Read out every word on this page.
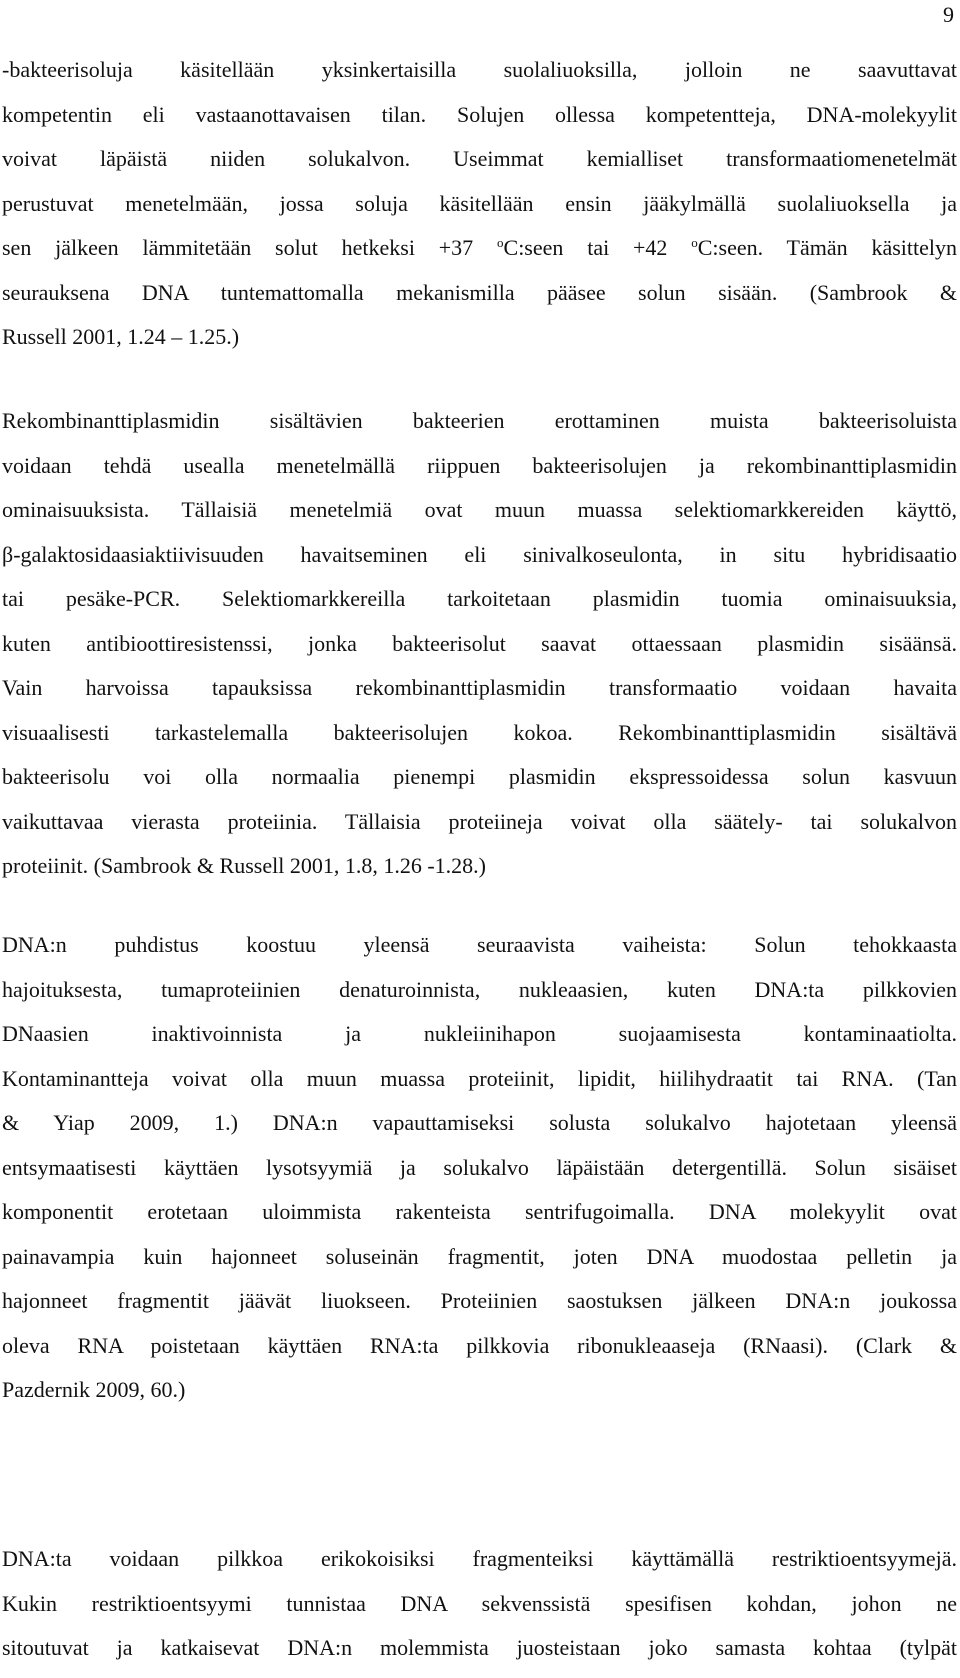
9
-bakteerisoluja käsitellään yksinkertaisilla suolaliuoksilla, jolloin ne saavuttavat
kompetentin eli vastaanottavaisen tilan. Solujen ollessa kompetentteja, DNA-molekyylit
voivat läpäistä niiden solukalvon. Useimmat kemialliset transformaatiomenetelmät
perustuvat menetelmään, jossa soluja käsitellään ensin jääkylmällä suolaliuoksella ja
sen jälkeen lämmitetään solut hetkeksi +37 $^o$C:seen tai +42 $^o$C:seen. Tämän käsittelyn
seurauksena DNA tuntemattomalla mekanismilla pääsee solun sisään. (Sambrook &
Russell 2001, 1.24 – 1.25.)
Rekombinanttiplasmidin sisältävien bakteerien erottaminen muista bakteerisoluista
voidaan tehdä usealla menetelmällä riippuen bakteerisolujen ja rekombinanttiplasmidin
ominaisuuksista. Tällaisiä menetelmiä ovat muun muassa selektiomarkkereiden käyttö,
β-galaktosidaasiaktiivisuuden havaitseminen eli sinivalkoseulonta, in situ hybridisaatio
tai pesäke-PCR. Selektiomarkkereilla tarkoitetaan plasmidin tuomia ominaisuuksia,
kuten antibioottiresistenssi, jonka bakteerisolut saavat ottaessaan plasmidin sisäänsä.
Vain harvoissa tapauksissa rekombinanttiplasmidin transformaatio voidaan havaita
visuaalisesti tarkastelemalla bakteerisolujen kokoa. Rekombinanttiplasmidin sisältävä
bakteerisolu voi olla normaalia pienempi plasmidin ekspressoidessa solun kasvuun
vaikuttavaa vierasta proteiinia. Tällaisia proteiineja voivat olla säätely- tai solukalvon
proteiinit. (Sambrook & Russell 2001, 1.8, 1.26 -1.28.)
DNA:n puhdistus koostuu yleensä seuraavista vaiheista: Solun tehokkaasta
hajoituksesta, tumaproteiinien denaturoinnista, nukleaasien, kuten DNA:ta pilkkovien
DNaasien inaktivoinnista ja nukleiinihapon suojaamisesta kontaminaatiolta.
Kontaminantteja voivat olla muun muassa proteiinit, lipidit, hiilihydraatit tai RNA. (Tan
& Yiap 2009, 1.) DNA:n vapauttamiseksi solusta solukalvo hajotetaan yleensä
entsymaatisesti käyttäen lysotsyymiä ja solukalvo läpäistään detergentillä. Solun sisäiset
komponentit erotetaan uloimmista rakenteista sentrifugoimalla. DNA molekyylit ovat
painavampia kuin hajonneet soluseinän fragmentit, joten DNA muodostaa pelletin ja
hajonneet fragmentit jäävät liuokseen. Proteiinien saostuksen jälkeen DNA:n joukossa
oleva RNA poistetaan käyttäen RNA:ta pilkkovia ribonukleaaseja (RNaasi). (Clark &
Pazdernik 2009, 60.)
DNA:ta voidaan pilkkoa erikokoisiksi fragmenteiksi käyttämällä restriktioentsyymejä.
Kukin restriktioentsyymi tunnistaa DNA sekvenssistä spesifisen kohdan, johon ne
sitoutuvat ja katkaisevat DNA:n molemmista juosteistaan joko samasta kohtaa (tylpät
